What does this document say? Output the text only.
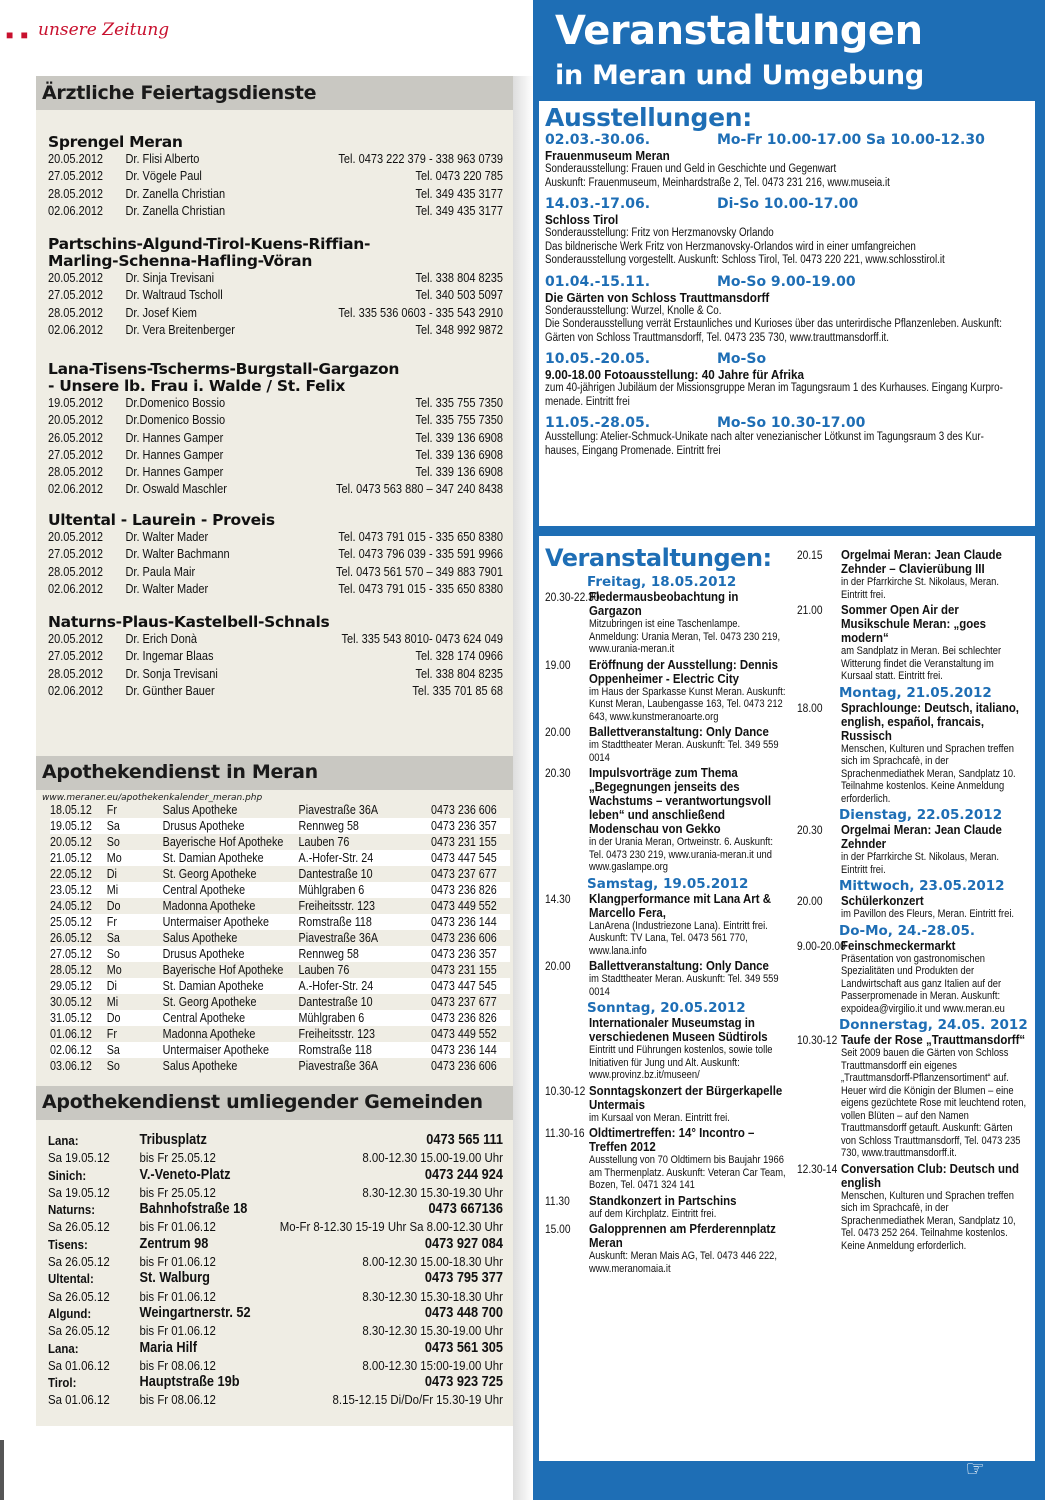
■ ■ unsere Zeitung
Ärztliche Feiertagsdienste
Sprengel Meran
20.05.2012	Dr. Flisi Alberto	Tel. 0473 222 379 - 338 963 0739
27.05.2012	Dr. Vögele Paul	Tel. 0473 220 785
28.05.2012	Dr. Zanella Christian	Tel. 349 435 3177
02.06.2012	Dr. Zanella Christian	Tel. 349 435 3177
Partschins-Algund-Tirol-Kuens-Riffian-Marling-Schenna-Hafling-Vöran
20.05.2012	Dr. Sinja Trevisani	Tel. 338 804 8235
27.05.2012	Dr. Waltraud Tscholl	Tel. 340 503 5097
28.05.2012	Dr. Josef Kiem	Tel. 335 536 0603 - 335 543 2910
02.06.2012	Dr. Vera Breitenberger	Tel. 348 992 9872
Lana-Tisens-Tscherms-Burgstall-Gargazon - Unsere lb. Frau i. Walde / St. Felix
19.05.2012	Dr.Domenico Bossio	Tel. 335 755 7350
20.05.2012	Dr.Domenico Bossio	Tel. 335 755 7350
26.05.2012	Dr. Hannes Gamper	Tel. 339 136 6908
27.05.2012	Dr. Hannes Gamper	Tel. 339 136 6908
28.05.2012	Dr. Hannes Gamper	Tel. 339 136 6908
02.06.2012	Dr. Oswald Maschler	Tel. 0473 563 880 – 347 240 8438
Ultental - Laurein - Proveis
20.05.2012	Dr. Walter Mader	Tel. 0473 791 015 - 335 650 8380
27.05.2012	Dr. Walter Bachmann	Tel. 0473 796 039 - 335 591 9966
28.05.2012	Dr. Paula Mair	Tel. 0473 561 570 – 349 883 7901
02.06.2012	Dr. Walter Mader	Tel. 0473 791 015 - 335 650 8380
Naturns-Plaus-Kastelbell-Schnals
20.05.2012	Dr. Erich Donà	Tel. 335 543 8010- 0473 624 049
27.05.2012	Dr. Ingemar Blaas	Tel. 328 174 0966
28.05.2012	Dr. Sonja Trevisani	Tel. 338 804 8235
02.06.2012	Dr. Günther Bauer	Tel. 335 701 85 68
Apothekendienst in Meran www.meraner.eu/apothekenkalender_meran.php
18.05.12	Fr	Salus Apotheke	Piavestraße 36A	0473 236 606
19.05.12	Sa	Drusus Apotheke	Rennweg 58	0473 236 357
20.05.12	So	Bayerische Hof Apotheke	Lauben 76	0473 231 155
21.05.12	Mo	St. Damian Apotheke	A.-Hofer-Str. 24	0473 447 545
22.05.12	Di	St. Georg Apotheke	Dantestraße 10	0473 237 677
23.05.12	Mi	Central Apotheke	Mühlgraben 6	0473 236 826
24.05.12	Do	Madonna Apotheke	Freiheitsstr. 123	0473 449 552
25.05.12	Fr	Untermaiser Apotheke	Romstraße 118	0473 236 144
26.05.12	Sa	Salus Apotheke	Piavestraße 36A	0473 236 606
27.05.12	So	Drusus Apotheke	Rennweg 58	0473 236 357
28.05.12	Mo	Bayerische Hof Apotheke	Lauben 76	0473 231 155
29.05.12	Di	St. Damian Apotheke	A.-Hofer-Str. 24	0473 447 545
30.05.12	Mi	St. Georg Apotheke	Dantestraße 10	0473 237 677
31.05.12	Do	Central Apotheke	Mühlgraben 6	0473 236 826
01.06.12	Fr	Madonna Apotheke	Freiheitsstr. 123	0473 449 552
02.06.12	Sa	Untermaiser Apotheke	Romstraße 118	0473 236 144
03.06.12	So	Salus Apotheke	Piavestraße 36A	0473 236 606
Apothekendienst umliegender Gemeinden
Lana:	Tribusplatz	0473 565 111
Sa 19.05.12	bis Fr 25.05.12	8.00-12.30 15.00-19.00 Uhr
Sinich:	V.-Veneto-Platz	0473 244 924
Sa 19.05.12	bis Fr 25.05.12	8.30-12.30 15.30-19.30 Uhr
Naturns:	Bahnhofstraße 18	0473 667136
Sa 26.05.12	bis Fr 01.06.12	Mo-Fr 8-12.30 15-19 Uhr Sa 8.00-12.30 Uhr
Tisens:	Zentrum 98	0473 927 084
Sa 26.05.12	bis Fr 01.06.12	8.00-12.30 15.00-18.30 Uhr
Ultental:	St. Walburg	0473 795 377
Sa 26.05.12	bis Fr 01.06.12	8.30-12.30 15.30-18.30 Uhr
Algund:	Weingartnerstr. 52	0473 448 700
Sa 26.05.12	bis Fr 01.06.12	8.30-12.30 15.30-19.00 Uhr
Lana:	Maria Hilf	0473 561 305
Sa 01.06.12	bis Fr 08.06.12	8.00-12.30 15:00-19.00 Uhr
Tirol:	Hauptstraße 19b	0473 923 725
Sa 01.06.12	bis Fr 08.06.12	8.15-12.15 Di/Do/Fr 15.30-19 Uhr
Veranstaltungen
in Meran und Umgebung
Ausstellungen:
02.03.-30.06.	Mo-Fr 10.00-17.00 Sa 10.00-12.30
Frauenmuseum Meran
Sonderausstellung: Frauen und Geld in Geschichte und Gegenwart
Auskunft: Frauenmuseum, Meinhardstraße 2, Tel. 0473 231 216, www.museia.it
14.03.-17.06.	Di-So 10.00-17.00
Schloss Tirol
Sonderausstellung: Fritz von Herzmanovsky Orlando
Das bildnerische Werk Fritz von Herzmanovsky-Orlandos wird in einer umfangreichen
Sonderausstellung vorgestellt. Auskunft: Schloss Tirol, Tel. 0473 220 221, www.schlosstirol.it
01.04.-15.11.	Mo-So 9.00-19.00
Die Gärten von Schloss Trauttmansdorff
Sonderausstellung: Wurzel, Knolle & Co.
Die Sonderausstellung verrät Erstaunliches und Kurioses über das unterirdische Pflanzenleben. Auskunft:
Gärten von Schloss Trauttmansdorff, Tel. 0473 235 730, www.trauttmansdorff.it.
10.05.-20.05.	Mo-So
9.00-18.00 Fotoausstellung: 40 Jahre für Afrika
zum 40-jährigen Jubiläum der Missionsgruppe Meran im Tagungsraum 1 des Kurhauses. Eingang Kurpro-
menade. Eintritt frei
11.05.-28.05.	Mo-So 10.30-17.00
Ausstellung: Atelier-Schmuck-Unikate nach alter venezianischer Lötkunst im Tagungsraum 3 des Kur-
hauses, Eingang Promenade. Eintritt frei
Veranstaltungen:
Freitag, 18.05.2012
20.30-22.30
Fledermausbeobachtung in Gargazon
Mitzubringen ist eine Taschenlampe. Anmeldung: Urania Meran, Tel. 0473 230 219, www.urania-meran.it
19.00	Eröffnung der Ausstellung: Dennis Oppenheimer - Electric City
im Haus der Sparkasse Kunst Meran. Auskunft: Kunst Meran, Laubengasse 163, Tel. 0473 212 643, www.kunstmeranoarte.org
20.00	Ballettveranstaltung: Only Dance
im Stadttheater Meran. Auskunft: Tel. 349 559 0014
20.30	Impulsvorträge zum Thema „Begegnungen jenseits des Wachstums – verantwortungsvoll leben“ und anschließend Modenschau von Gekko
in der Urania Meran, Ortweinstr. 6. Auskunft: Tel. 0473 230 219, www.urania-meran.it und www.gaslampe.org
Samstag, 19.05.2012
14.30	Klangperformance mit Lana Art & Marcello Fera,
LanArena (Industriezone Lana). Eintritt frei. Auskunft: TV Lana, Tel. 0473 561 770, www.lana.info
20.00	Ballettveranstaltung: Only Dance
im Stadttheater Meran. Auskunft: Tel. 349 559 0014
Sonntag, 20.05.2012
Internationaler Museumstag in verschiedenen Museen Südtirols
Eintritt und Führungen kostenlos, sowie tolle Initiativen für Jung und Alt. Auskunft: www.provinz.bz.it/museen/
10.30-12 Sonntagskonzert der Bürgerkapelle Untermais
im Kursaal von Meran. Eintritt frei.
11.30-16 Oldtimertreffen: 14° Incontro – Treffen 2012
Ausstellung von 70 Oldtimern bis Baujahr 1966 am Thermenplatz. Auskunft: Veteran Car Team, Bozen, Tel. 0471 324 141
11.30	Standkonzert in Partschins
auf dem Kirchplatz. Eintritt frei.
15.00	Galopprennen am Pferderennplatz Meran
Auskunft: Meran Mais AG, Tel. 0473 446 222, www.meranomaia.it
20.15	Orgelmai Meran: Jean Claude Zehnder – Clavierübung III
in der Pfarrkirche St. Nikolaus, Meran. Eintritt frei.
21.00	Sommer Open Air der Musikschule Meran: „goes modern“
am Sandplatz in Meran. Bei schlechter Witterung findet die Veranstaltung im Kursaal statt. Eintritt frei.
Montag, 21.05.2012
18.00	Sprachlounge: Deutsch, italiano, english, español, francais, Russisch
Menschen, Kulturen und Sprachen treffen sich im Sprachcafè, in der Sprachenmediathek Meran, Sandplatz 10. Teilnahme kostenlos. Keine Anmeldung erforderlich.
Dienstag, 22.05.2012
20.30	Orgelmai Meran: Jean Claude Zehnder
in der Pfarrkirche St. Nikolaus, Meran. Eintritt frei.
Mittwoch, 23.05.2012
20.00	Schülerkonzert
im Pavillon des Fleurs, Meran. Eintritt frei.
Do-Mo, 24.-28.05.
9.00-20.00
Feinschmeckermarkt
Präsentation von gastronomischen Spezialitäten und Produkten der Landwirtschaft aus ganz Italien auf der Passerpromenade in Meran. Auskunft: expoidea@virgilio.it und www.meran.eu
Donnerstag, 24.05. 2012
10.30-12 Taufe der Rose „Trauttmansdorff“
Seit 2009 bauen die Gärten von Schloss Trauttmansdorff ein eigenes „Trauttmansdorff-Pflanzensortiment“ auf. Heuer wird die Königin der Blumen – eine eigens gezüchtete Rose mit leuchtend roten, vollen Blüten – auf den Namen Trauttmansdorff getauft. Auskunft: Gärten von Schloss Trauttmansdorff, Tel. 0473 235 730, www.trauttmansdorff.it.
12.30-14 Conversation Club: Deutsch und english
Menschen, Kulturen und Sprachen treffen sich im Sprachcafè, in der Sprachenmediathek Meran, Sandplatz 10, Tel. 0473 252 264. Teilnahme kostenlos. Keine Anmeldung erforderlich.
☞
